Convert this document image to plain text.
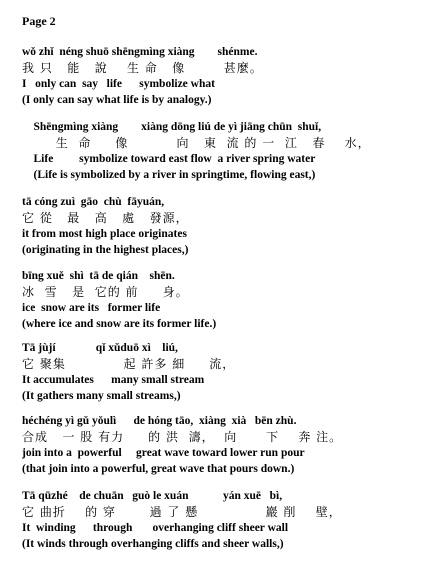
Page 2
wǒ zhǐ  néng shuō shēngmìng xiàng        shénme.
我 只   能   說    生 命   像        甚麼。
I   only can  say   life      symbolize what
(I only can say what life is by analogy.)
Shēngmìng xiàng        xiàng dōng liú de yì jiāng chūn  shuǐ,
生  命     像          向   東  流 的 一  江   春    水，
Life         symbolize toward east flow  a river spring water
(Life is symbolized by a river in springtime, flowing east,)
tā cóng zuì  gāo  chù  fāyuán,
它 從   最   高   處   發源，
it from most high place originates
(originating in the highest places,)
bīng xuě  shì  tā de qián    shēn.
冰  雪   是  它的 前     身。
ice  snow are its   former life
(where ice and snow are its former life.)
Tā jùjí              qǐ xǔduō xì    liú,
它 聚集            起 許多 細     流，
It accumulates      many small stream
(It gathers many small streams,)
héchéng yì gǔ yǒulì      de hóng tāo,  xiàng  xià   bēn zhù.
合成   一 股 有力     的 洪  濤，  向      下    奔 注。
join into a  powerful     great wave toward lower run pour
(that join into a powerful, great wave that pours down.)
Tā qūzhé    de chuān   guò le xuán            yán xuē   bì,
它 曲折    的 穿       過 了 懸              巖 削    壁，
It  winding      through       overhanging cliff sheer wall
(It winds through overhanging cliffs and sheer walls,)
